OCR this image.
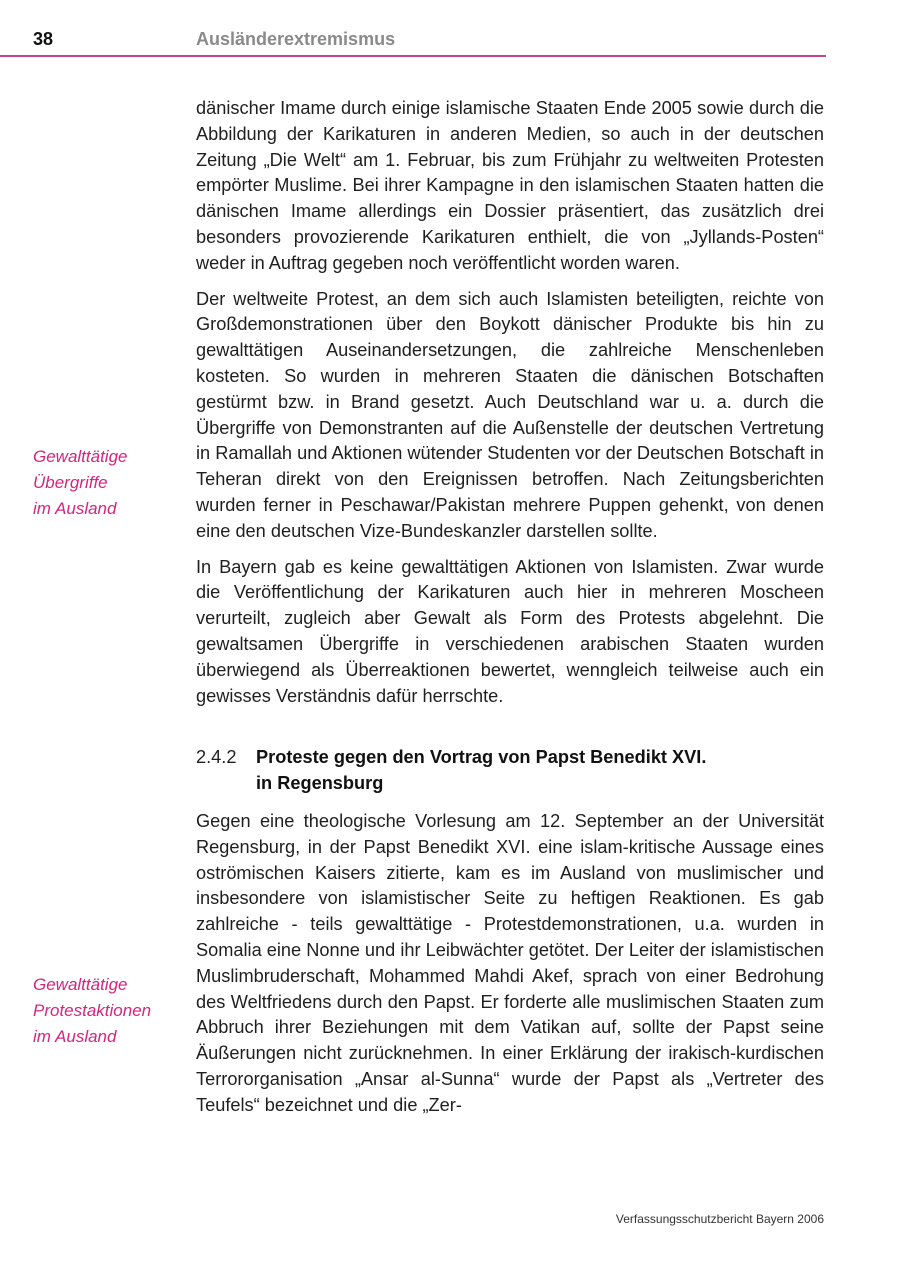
38	Ausländerextremismus
Gewalttätige
Übergriffe
im Ausland
Gewalttätige
Protestaktionen
im Ausland

dänischer Imame durch einige islamische Staaten Ende 2005 sowie durch die Abbildung der Karikaturen in anderen Medien, so auch in der deutschen Zeitung „Die Welt“ am 1. Februar, bis zum Frühjahr zu weltweiten Protesten empörter Muslime. Bei ihrer Kampagne in den islamischen Staaten hatten die dänischen Imame allerdings ein Dossier präsentiert, das zusätzlich drei besonders provozierende Karikaturen enthielt, die von „Jyllands-Posten“ weder in Auftrag gegeben noch veröffentlicht worden waren.

Der weltweite Protest, an dem sich auch Islamisten beteiligten, reichte von Großdemonstrationen über den Boykott dänischer Produkte bis hin zu gewalttätigen Auseinandersetzungen, die zahlreiche Menschenleben kosteten. So wurden in mehreren Staaten die dänischen Botschaften gestürmt bzw. in Brand gesetzt. Auch Deutschland war u. a. durch die Übergriffe von Demonstranten auf die Außenstelle der deutschen Vertretung in Ramallah und Aktionen wütender Studenten vor der Deutschen Botschaft in Teheran direkt von den Ereignissen betroffen. Nach Zeitungsberichten wurden ferner in Peschawar/Pakistan mehrere Puppen gehenkt, von denen eine den deutschen Vize-Bundeskanzler darstellen sollte.

In Bayern gab es keine gewalttätigen Aktionen von Islamisten. Zwar wurde die Veröffentlichung der Karikaturen auch hier in mehreren Moscheen verurteilt, zugleich aber Gewalt als Form des Protests abgelehnt. Die gewaltsamen Übergriffe in verschiedenen arabischen Staaten wurden überwiegend als Überreaktionen bewertet, wenngleich teilweise auch ein gewisses Verständnis dafür herrschte.

2.4.2	Proteste gegen den Vortrag von Papst Benedikt XVI.
in Regensburg

Gegen eine theologische Vorlesung am 12. September an der Universität Regensburg, in der Papst Benedikt XVI. eine islam-kritische Aussage eines oströmischen Kaisers zitierte, kam es im Ausland von muslimischer und insbesondere von islamistischer Seite zu heftigen Reaktionen. Es gab zahlreiche - teils gewalttätige - Protestdemonstrationen, u.a. wurden in Somalia eine Nonne und ihr Leibwächter getötet. Der Leiter der islamistischen Muslimbruderschaft, Mohammed Mahdi Akef, sprach von einer Bedrohung des Weltfriedens durch den Papst. Er forderte alle muslimischen Staaten zum Abbruch ihrer Beziehungen mit dem Vatikan auf, sollte der Papst seine Äußerungen nicht zurücknehmen. In einer Erklärung der irakisch-kurdischen Terrororganisation „Ansar al-Sunna“ wurde der Papst als „Vertreter des Teufels“ bezeichnet und die „Zer-

Verfassungsschutzbericht Bayern 2006
